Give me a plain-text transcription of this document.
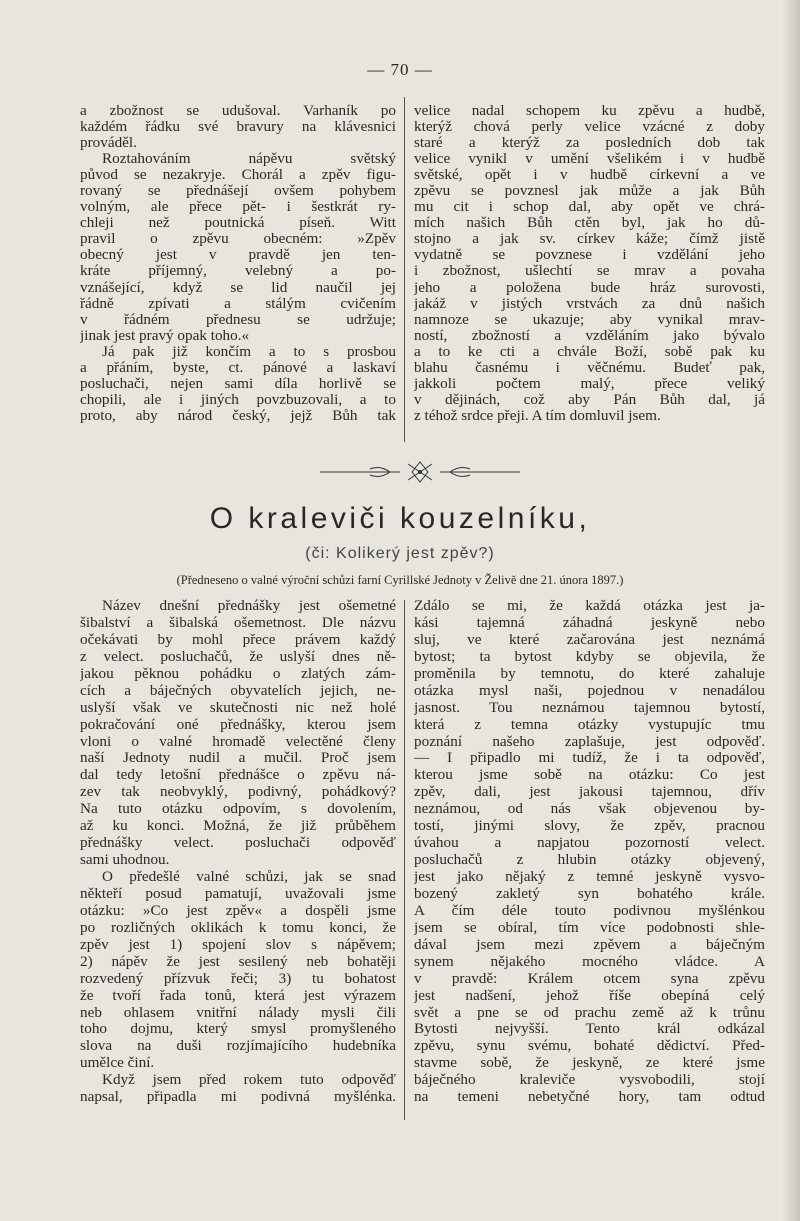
— 70 —
a zbožnost se udušoval. Varhaník po
každém řádku své bravury na klávesnici
prováděl.
Roztahováním nápěvu světský
původ se nezakryje. Chorál a zpěv figu-
rovaný se přednášejí ovšem pohybem
volným, ale přece pět- i šestkrát ry-
chleji než poutnická píseň. Witt
pravil o zpěvu obecném: »Zpěv
obecný jest v pravdě jen ten-
kráte příjemný, velebný a po-
vznášející, když se lid naučil jej
řádně zpívati a stálým cvičením
v řádném přednesu se udržuje;
jinak jest pravý opak toho.«
Já pak již končím a to s prosbou
a přáním, byste, ct. pánové a laskaví
posluchači, nejen sami díla horlivě se
chopili, ale i jiných povzbuzovali, a to
proto, aby národ český, jejž Bůh tak
velice nadal schopem ku zpěvu a hudbě,
kterýž chová perly velice vzácné z doby
staré a kterýž za posledních dob tak
velice vynikl v umění všelikém i v hudbě
světské, opět i v hudbě církevní a ve
zpěvu se povznesl jak může a jak Bůh
mu cit i schop dal, aby opět ve chrá-
mích našich Bůh ctěn byl, jak ho dů-
stojno a jak sv. církev káže; čímž jistě
vydatně se povznese i vzdělání jeho
i zbožnost, ušlechtí se mrav a povaha
jeho a položena bude hráz surovosti,
jakáž v jistých vrstvách za dnů našich
namnoze se ukazuje; aby vynikal mrav-
ností, zbožností a vzděláním jako bývalo
a to ke cti a chvále Boží, sobě pak ku
blahu časnému i věčnému. Budeť pak,
jakkoli počtem malý, přece veliký
v dějinách, což aby Pán Bůh dal, já
z téhož srdce přeji. A tím domluvil jsem.
O kraleviči kouzelníku,
(či: Kolikerý jest zpěv?)
(Předneseno o valné výroční schůzi farní Cyrillské Jednoty v Želivě dne 21. února 1897.)
Název dnešní přednášky jest ošemetné
šibalství a šibalská ošemetnost. Dle názvu
očekávati by mohl přece právem každý
z velect. posluchačů, že uslyší dnes ně-
jakou pěknou pohádku o zlatých zám-
cích a báječných obyvatelích jejich, ne-
uslyší však ve skutečnosti nic než holé
pokračování oné přednášky, kterou jsem
vloni o valné hromadě velectěné členy
naší Jednoty nudil a mučil. Proč jsem
dal tedy letošní přednášce o zpěvu ná-
zev tak neobvyklý, podivný, pohádkový?
Na tuto otázku odpovím, s dovolením,
až ku konci. Možná, že již průběhem
přednášky velect. posluchači odpověď
sami uhodnou.
O předešlé valné schůzi, jak se snad
někteří posud pamatují, uvažovali jsme
otázku: »Co jest zpěv« a dospěli jsme
po rozličných oklikách k tomu konci, že
zpěv jest 1) spojení slov s nápěvem;
2) nápěv že jest sesilený neb bohatěji
rozvedený přízvuk řeči; 3) tu bohatost
že tvoří řada tonů, která jest výrazem
neb ohlasem vnitřní nálady mysli čili
toho dojmu, který smysl promyšleného
slova na duši rozjímajícího hudebníka
umělce činí.
Když jsem před rokem tuto odpověď
napsal, připadla mi podivná myšlénka.
Zdálo se mi, že každá otázka jest ja-
kási tajemná záhadná jeskyně nebo
sluj, ve které začarována jest neznámá
bytost; ta bytost kdyby se objevila, že
proměnila by temnotu, do které zahaluje
otázka mysl naši, pojednou v nenadálou
jasnost. Tou neznámou tajemnou bytostí,
která z temna otázky vystupujíc tmu
poznání našeho zaplašuje, jest odpověď.
— I připadlo mi tudíž, že i ta odpověď,
kterou jsme sobě na otázku: Co jest
zpěv, dali, jest jakousi tajemnou, dřív
neznámou, od nás však objevenou by-
tostí, jinými slovy, že zpěv, pracnou
úvahou a napjatou pozorností velect.
posluchačů z hlubin otázky objevený,
jest jako nějaký z temné jeskyně vysvo-
bozený zakletý syn bohatého krále.
A čím déle touto podivnou myšlénkou
jsem se obíral, tím více podobnosti shle-
dával jsem mezi zpěvem a báječným
synem nějakého mocného vládce. A
v pravdě: Králem otcem syna zpěvu
jest nadšení, jehož říše obepíná celý
svět a pne se od prachu země až k trůnu
Bytosti nejvyšší. Tento král odkázal
zpěvu, synu svému, bohaté dědictví. Před-
stavme sobě, že jeskyně, ze které jsme
báječného kraleviče vysvobodili, stojí
na temeni nebetyčné hory, tam odtud
